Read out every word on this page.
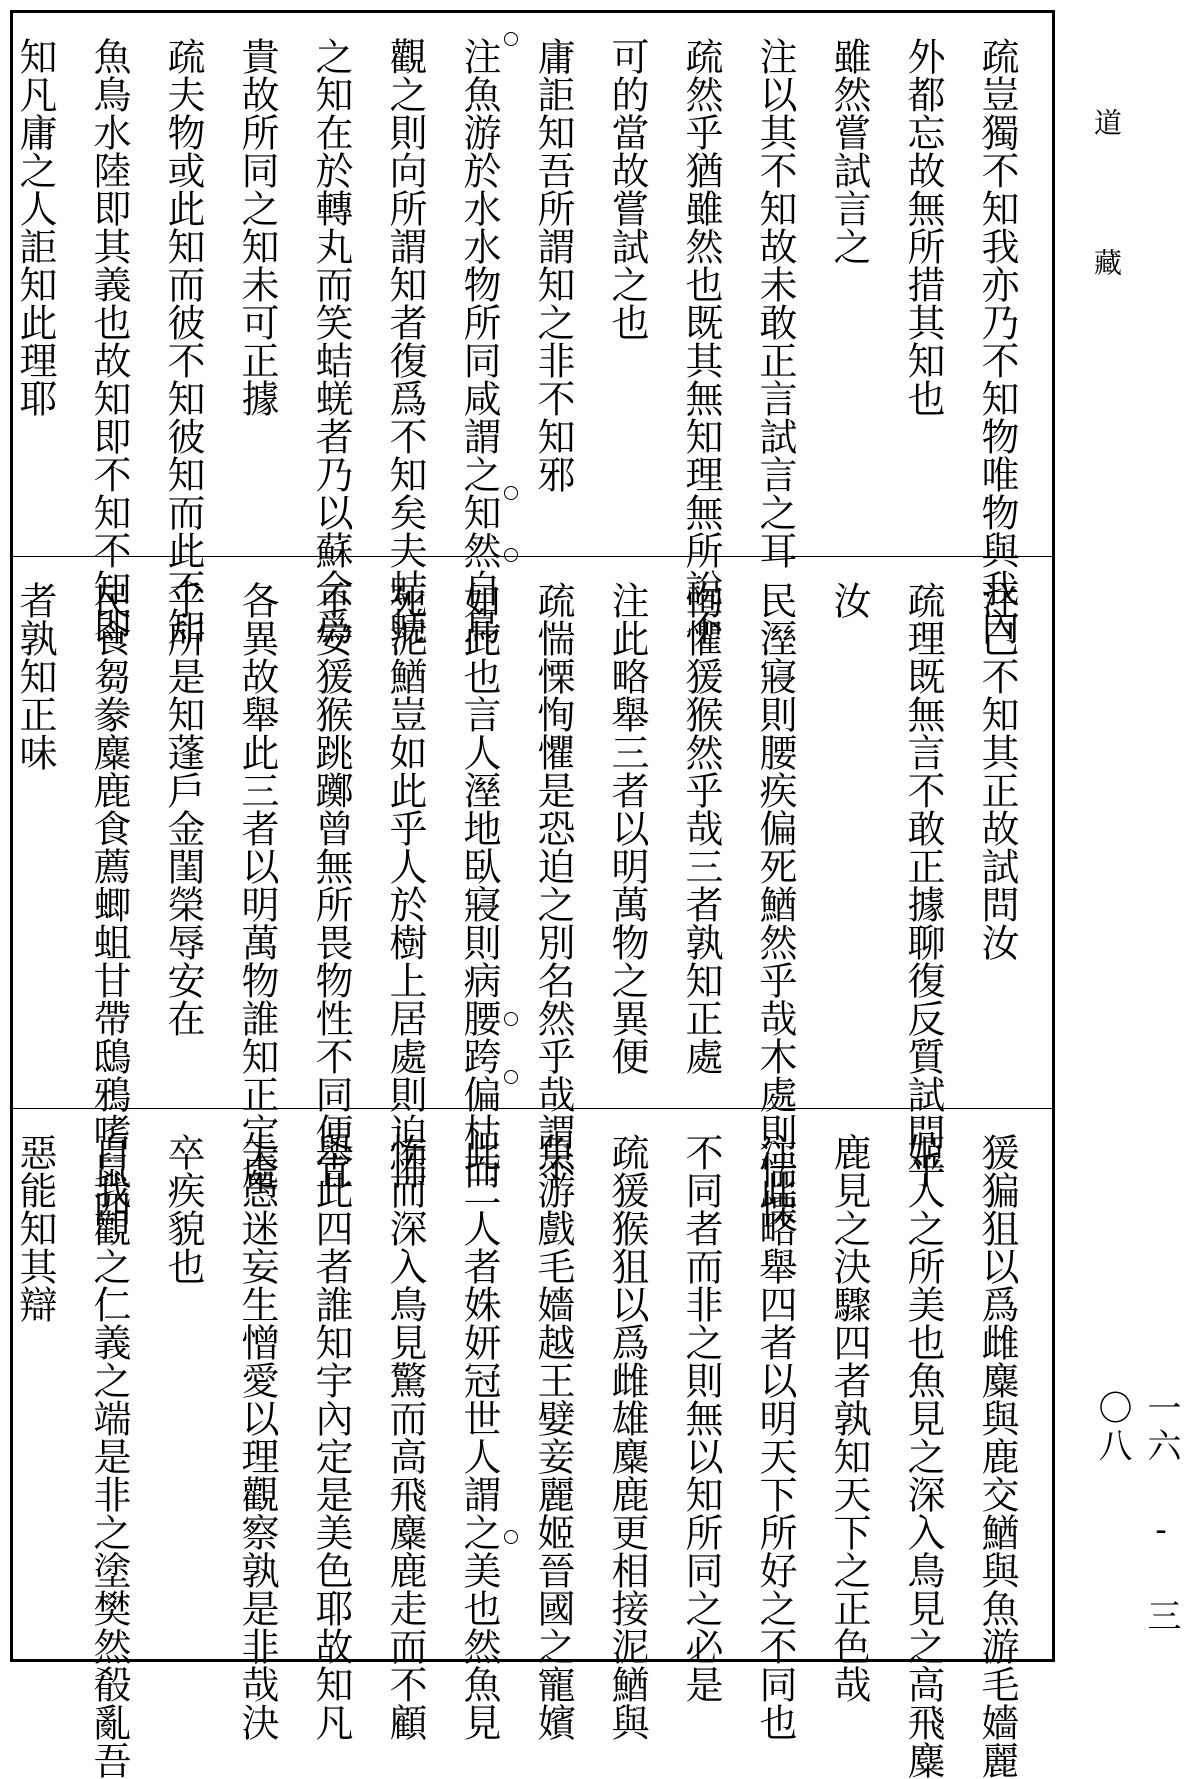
疏豈獨不知我亦乃不知物唯物與我內
外都忘故無所措其知也
雖然嘗試言之
注以其不知故未敢正言試言之耳
疏然乎猶雖然也既其無知理無所說不
可的當故嘗試之也
庸詎知吾所謂知之非不知邪
注魚游於水水物所同咸謂之知然自鳥
觀之則向所謂知者復爲不知矣夫蛣蜣
之知在於轉丸而笑蛣蜣者乃以蘇合爲
貴故所同之知未可正據
疏夫物或此知而彼不知彼知而此不知
魚鳥水陸即其義也故知即不知不知即
知凡庸之人詎知此理耶
注己不知其正故試問汝
疏理既無言不敢正據聊復反質試問乎
汝
民溼寢則腰疾偏死鰌然乎哉木處則惴慄
恂懼猨猴然乎哉三者孰知正處
注此略舉三者以明萬物之異便
疏惴慄恂懼是恐迫之別名然乎哉謂不
如此也言人溼地臥寢則病腰跨偏枯而
死泥鰌豈如此乎人於樹上居處則迫怖
不安猨猴跳躑曾無所畏物性不同便宜
各異故舉此三者以明萬物誰知正定處
乎所是知蓬戶金閨榮辱安在
民食芻豢麋鹿食薦蝍蛆甘帶鴟鴉嗜鼠四
者孰知正味
猨猵狙以爲雌麋與鹿交鰌與魚游毛嬙麗
姬人之所美也魚見之深入鳥見之高飛麋
鹿見之決驟四者孰知天下之正色哉
注此略舉四者以明天下所好之不同也
不同者而非之則無以知所同之必是
疏猨猴狙以爲雌雄麋鹿更相接泥鰌與
魚游戲毛嬙越王嬖妾麗姬晉國之寵嬪
此二人者姝妍冠世人謂之美也然魚見
怖而深入鳥見驚而高飛麋鹿走而不顧
舉此四者誰知宇內定是美色耶故知凡
夫愚迷妄生憎愛以理觀察孰是非哉決
卒疾貌也
自我觀之仁義之端是非之塗樊然殽亂吾
惡能知其辯
道
藏
一六 - 三〇八
